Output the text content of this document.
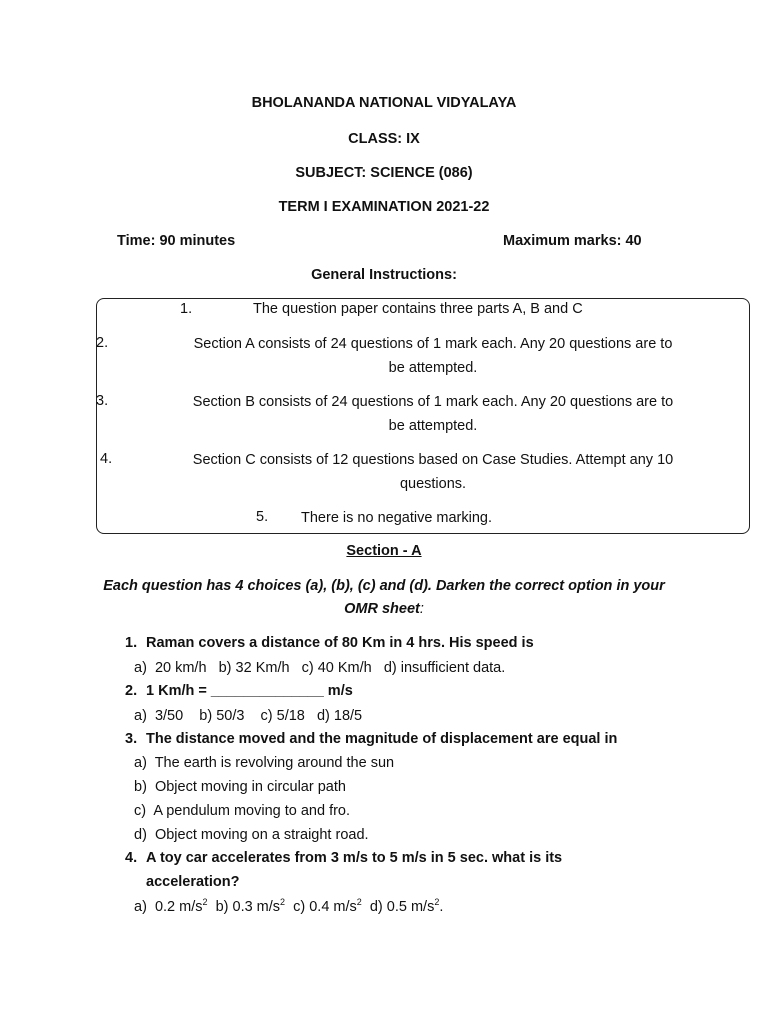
BHOLANANDA NATIONAL VIDYALAYA
CLASS: IX
SUBJECT: SCIENCE (086)
TERM I EXAMINATION 2021-22
Time: 90 minutes	Maximum marks: 40
General Instructions:
1.	The question paper contains three parts A, B and C
2.	Section A consists of 24 questions of 1 mark each. Any 20 questions are to
be attempted.
3.	Section B consists of 24 questions of 1 mark each. Any 20 questions are to
be attempted.
4.	Section C consists of 12 questions based on Case Studies. Attempt any 10
questions.
5. There is no negative marking.
Section - A
Each question has 4 choices (a), (b), (c) and (d). Darken the correct option in your
OMR sheet:
1. Raman covers a distance of 80 Km in 4 hrs. His speed is
a)  20 km/h   b) 32 Km/h   c) 40 Km/h   d) insufficient data.
2. 1 Km/h = ______________ m/s
a)  3/50    b) 50/3    c) 5/18   d) 18/5
3. The distance moved and the magnitude of displacement are equal in
a)  The earth is revolving around the sun
b)  Object moving in circular path
c)  A pendulum moving to and fro.
d)  Object moving on a straight road.
4. A toy car accelerates from 3 m/s to 5 m/s in 5 sec. what is its
acceleration?
a)  0.2 $m/s^2$ b) 0.3 $m/s^2$ c) 0.4 $m/s^2$ d) 0.5 $m/s^2$.
